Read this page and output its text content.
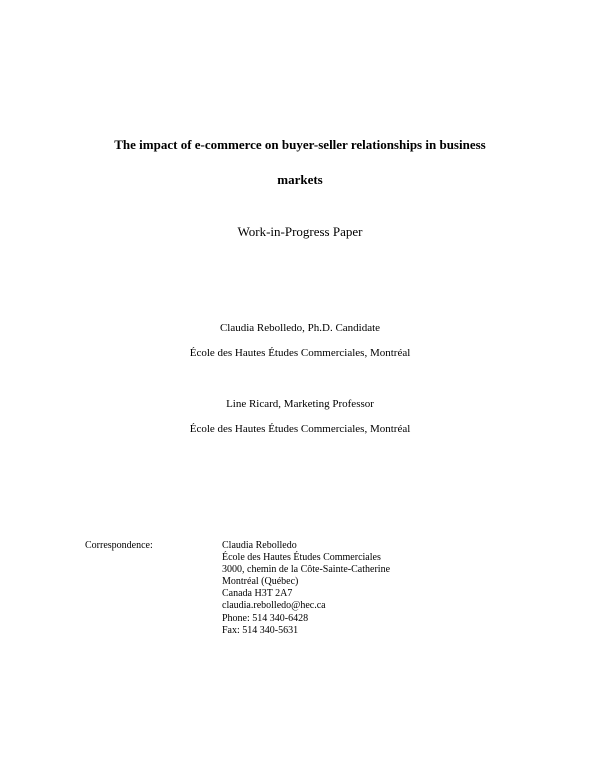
The impact of e-commerce on buyer-seller relationships in business
markets
Work-in-Progress Paper
Claudia Rebolledo, Ph.D. Candidate
École des Hautes Études Commerciales, Montréal
Line Ricard, Marketing Professor
École des Hautes Études Commerciales, Montréal
Correspondence:	Claudia Rebolledo
École des Hautes Études Commerciales
3000, chemin de la Côte-Sainte-Catherine
Montréal (Québec)
Canada H3T 2A7
claudia.rebolledo@hec.ca
Phone: 514 340-6428
Fax: 514 340-5631
